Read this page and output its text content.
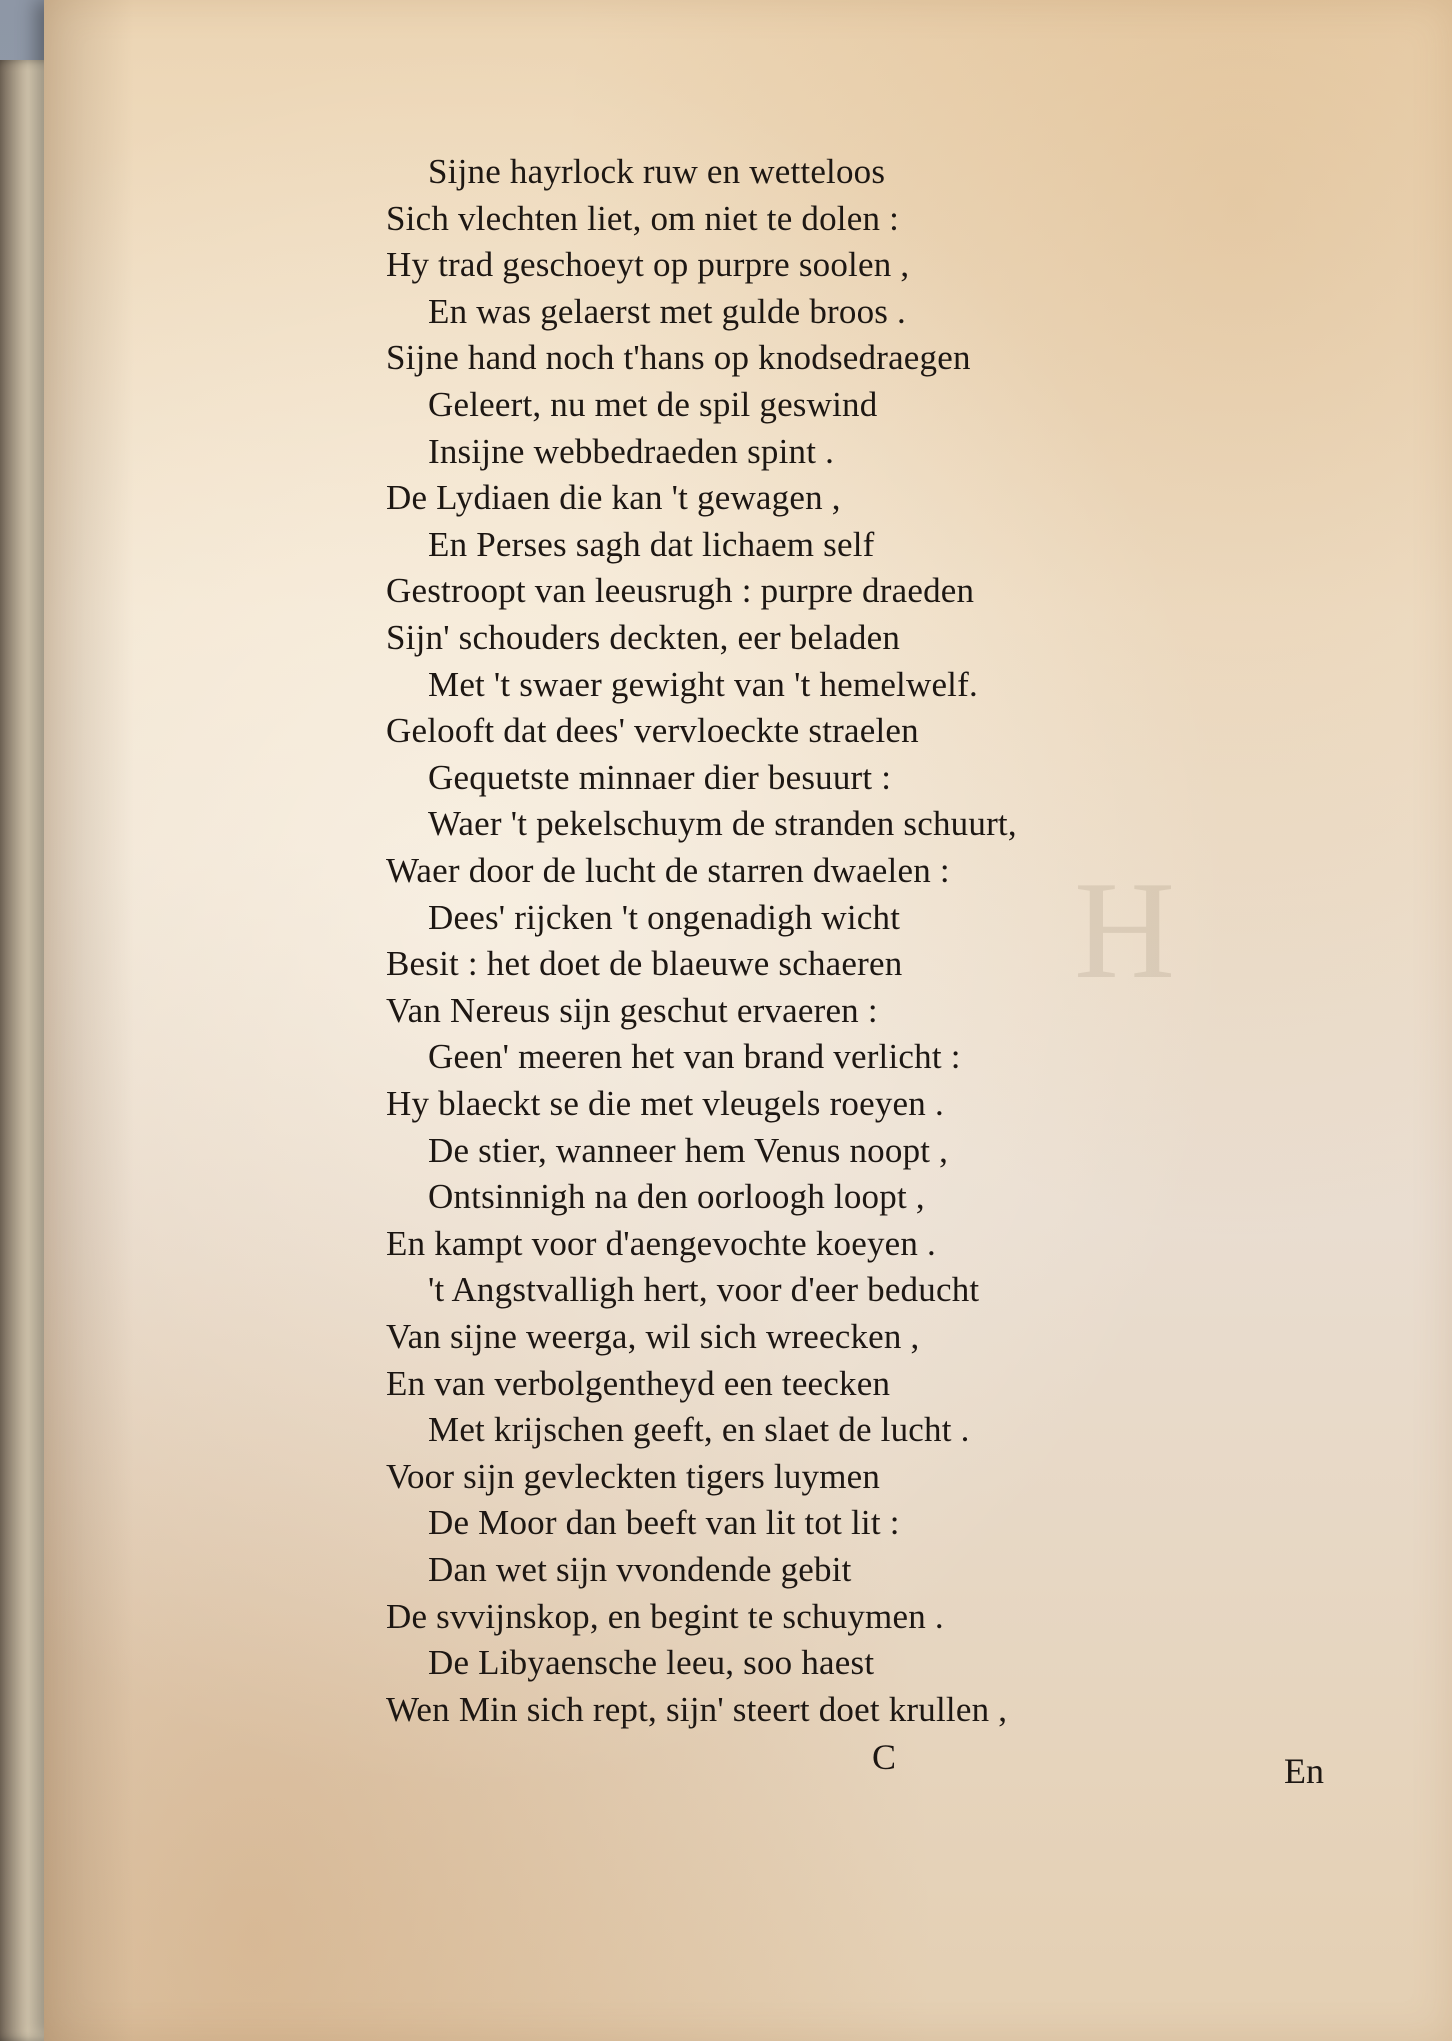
H
Sijne hayrlock ruw en wetteloos
Sich vlechten liet, om niet te dolen :
Hy trad geschoeyt op purpre soolen ,
En was gelaerst met gulde broos .
Sijne hand noch t'hans op knodsedraegen
Geleert, nu met de spil geswind
Insijne webbedraeden spint .
De Lydiaen die kan 't gewagen ,
En Perses sagh dat lichaem self
Gestroopt van leeusrugh : purpre draeden
Sijn' schouders deckten, eer beladen
Met 't swaer gewight van 't hemelwelf.
Gelooft dat dees' vervloeckte straelen
Gequetste minnaer dier besuurt :
Waer 't pekelschuym de stranden schuurt,
Waer door de lucht de starren dwaelen :
Dees' rijcken 't ongenadigh wicht
Besit : het doet de blaeuwe schaeren
Van Nereus sijn geschut ervaeren :
Geen' meeren het van brand verlicht :
Hy blaeckt se die met vleugels roeyen .
De stier, wanneer hem Venus noopt ,
Ontsinnigh na den oorloogh loopt ,
En kampt voor d'aengevochte koeyen .
't Angstvalligh hert, voor d'eer beducht
Van sijne weerga, wil sich wreecken ,
En van verbolgentheyd een teecken
Met krijschen geeft, en slaet de lucht .
Voor sijn gevleckten tigers luymen
De Moor dan beeft van lit tot lit :
Dan wet sijn vvondende gebit
De svvijnskop, en begint te schuymen .
De Libyaensche leeu, soo haest
Wen Min sich rept, sijn' steert doet krullen ,
C	En
